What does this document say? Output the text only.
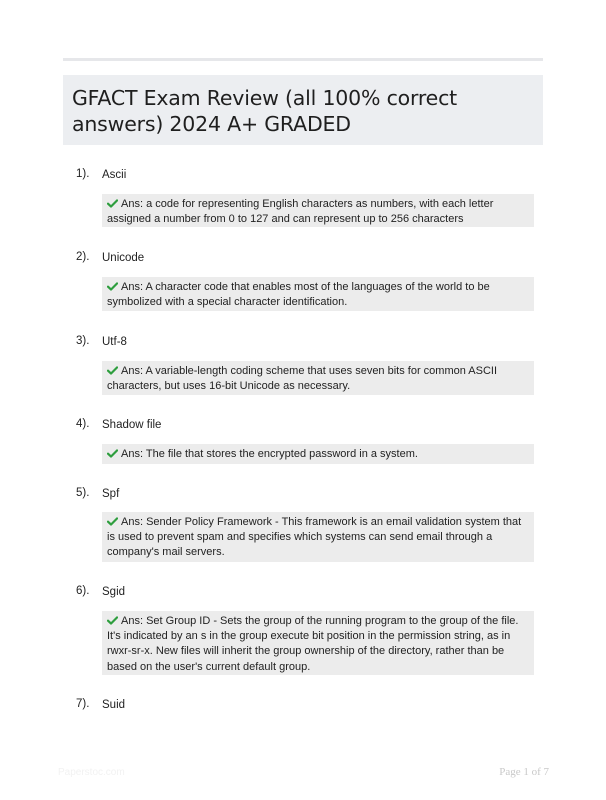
GFACT Exam Review (all 100% correct answers) 2024 A+ GRADED
1). Ascii
Ans: a code for representing English characters as numbers, with each letter assigned a number from 0 to 127 and can represent up to 256 characters
2). Unicode
Ans: A character code that enables most of the languages of the world to be symbolized with a special character identification.
3). Utf-8
Ans: A variable-length coding scheme that uses seven bits for common ASCII characters, but uses 16-bit Unicode as necessary.
4). Shadow file
Ans: The file that stores the encrypted password in a system.
5). Spf
Ans: Sender Policy Framework - This framework is an email validation system that is used to prevent spam and specifies which systems can send email through a company's mail servers.
6). Sgid
Ans: Set Group ID - Sets the group of the running program to the group of the file. It's indicated by an s in the group execute bit position in the permission string, as in rwxr-sr-x. New files will inherit the group ownership of the directory, rather than be based on the user's current default group.
7). Suid
Paperstoc.com	Page 1 of 7
